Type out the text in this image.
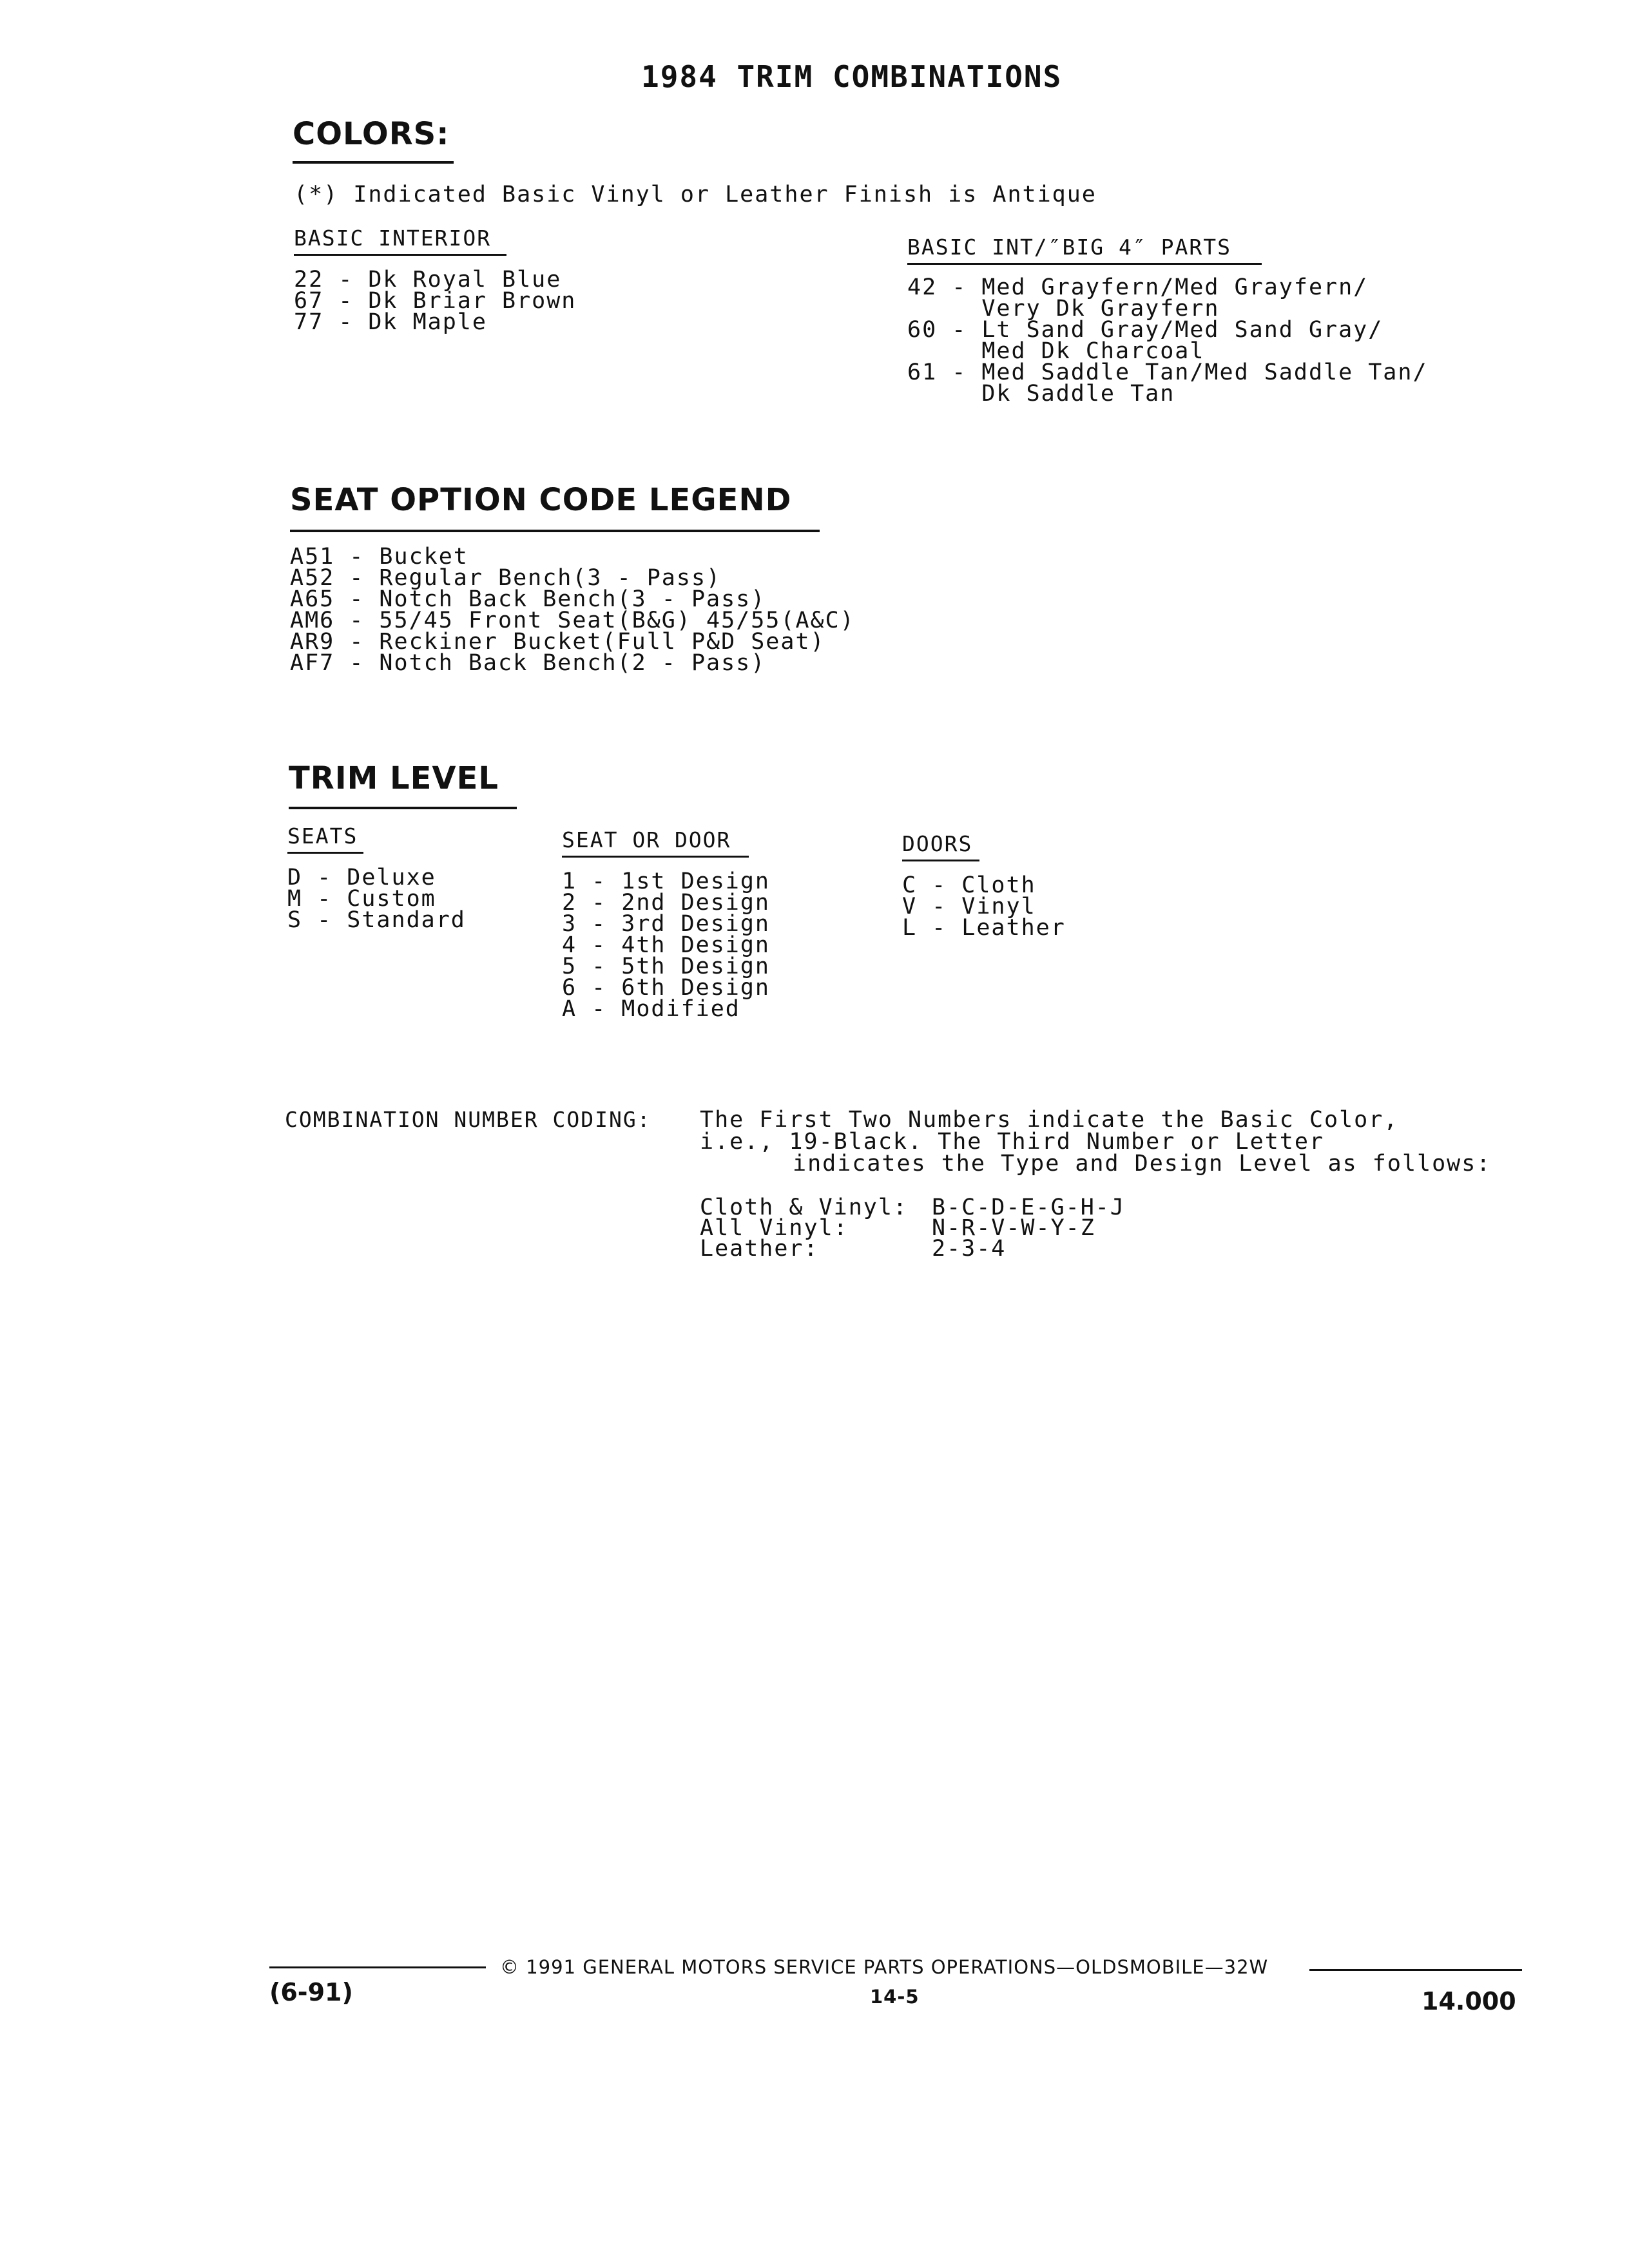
1984 TRIM COMBINATIONS
COLORS:
(*) Indicated Basic Vinyl or Leather Finish is Antique
BASIC INTERIOR
22 - Dk Royal Blue
67 - Dk Briar Brown
77 - Dk Maple
BASIC INT/″BIG 4″ PARTS
42 - Med Grayfern/Med Grayfern/
Very Dk Grayfern
60 - Lt Sand Gray/Med Sand Gray/
Med Dk Charcoal
61 - Med Saddle Tan/Med Saddle Tan/
Dk Saddle Tan
SEAT OPTION CODE LEGEND
A51 - Bucket
A52 - Regular Bench(3 - Pass)
A65 - Notch Back Bench(3 - Pass)
AM6 - 55/45 Front Seat(B&G) 45/55(A&C)
AR9 - Reckiner Bucket(Full P&D Seat)
AF7 - Notch Back Bench(2 - Pass)
TRIM LEVEL
SEATS
D - Deluxe
M - Custom
S - Standard
SEAT OR DOOR
1 - 1st Design
2 - 2nd Design
3 - 3rd Design
4 - 4th Design
5 - 5th Design
6 - 6th Design
A - Modified
DOORS
C - Cloth
V - Vinyl
L - Leather
COMBINATION NUMBER CODING: The First Two Numbers indicate the Basic Color,
i.e., 19-Black. The Third Number or Letter
indicates the Type and Design Level as follows:
Cloth & Vinyl: B-C-D-E-G-H-J
All Vinyl:	N-R-V-W-Y-Z
Leather:	2-3-4
© 1991 GENERAL MOTORS SERVICE PARTS OPERATIONS—OLDSMOBILE—32W
(6-91)	14-5	14.000
